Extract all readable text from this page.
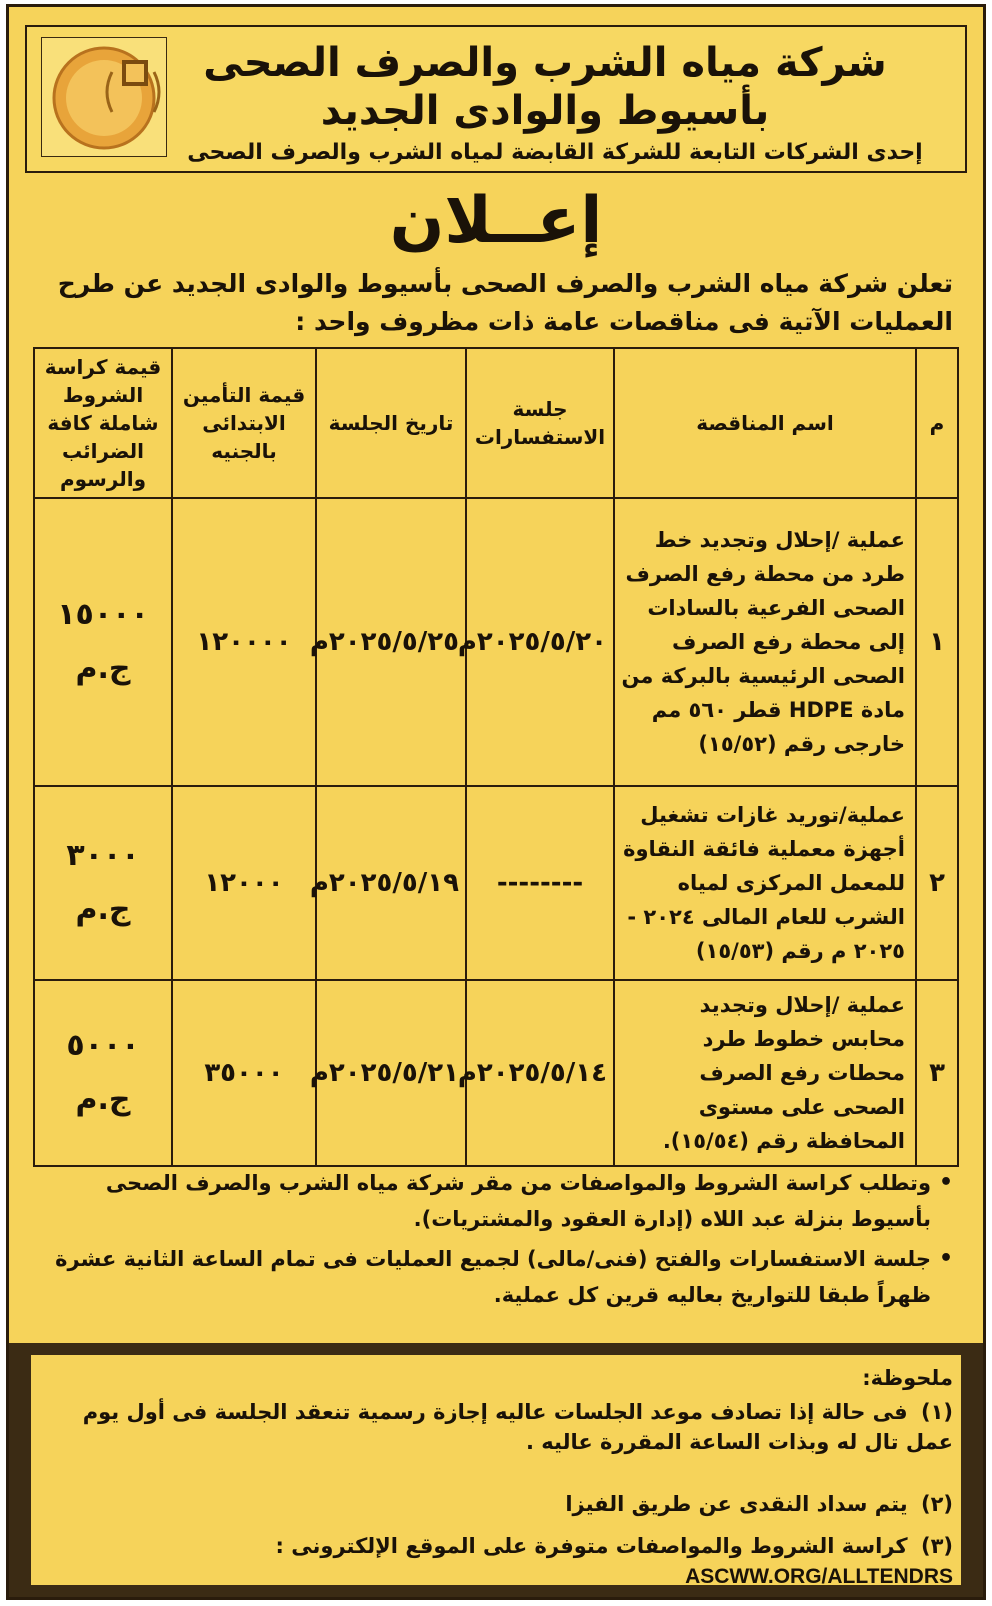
شركة مياه الشرب والصرف الصحى
بأسيوط والوادى الجديد
إحدى الشركات التابعة للشركة القابضة لمياه الشرب والصرف الصحى
إعــلان
تعلن شركة مياه الشرب والصرف الصحى بأسيوط والوادى الجديد عن طرح العمليات الآتية فى مناقصات عامة ذات مظروف واحد :
م	اسم المناقصة	جلسة الاستفسارات	تاريخ الجلسة	قيمة التأمين الابتدائى بالجنيه	قيمة كراسة الشروط شاملة كافة الضرائب والرسوم
١	عملية /إحلال وتجديد خط طرد من محطة رفع الصرف الصحى الفرعية بالسادات إلى محطة رفع الصرف الصحى الرئيسية بالبركة من مادة HDPE قطر ٥٦٠ مم خارجى رقم (١٥/٥٢)	٢٠٢٥/٥/٢٠م	٢٠٢٥/٥/٢٥م	١٢٠٠٠٠	١٥٠٠٠
ج.م

٢	عملية/توريد غازات تشغيل أجهزة معملية فائقة النقاوة للمعمل المركزى لمياه الشرب للعام المالى ٢٠٢٤ - ٢٠٢٥ م رقم (١٥/٥٣)	--------	٢٠٢٥/٥/١٩م	١٢٠٠٠	٣٠٠٠
ج.م

٣	عملية /إحلال وتجديد محابس خطوط طرد محطات رفع الصرف الصحى على مستوى المحافظة رقم (١٥/٥٤).	٢٠٢٥/٥/١٤م	٢٠٢٥/٥/٢١م	٣٥٠٠٠	٥٠٠٠
ج.م
•
وتطلب كراسة الشروط والمواصفات من مقر شركة مياه الشرب والصرف الصحى بأسيوط بنزلة عبد اللاه (إدارة العقود والمشتريات).
•
جلسة الاستفسارات والفتح (فنى/مالى) لجميع العمليات فى تمام الساعة الثانية عشرة ظهراً طبقا للتواريخ بعاليه قرين كل عملية.
ملحوظة:
(١) فى حالة إذا تصادف موعد الجلسات عاليه إجازة رسمية تنعقد الجلسة فى أول يوم عمل تال له وبذات الساعة المقررة عاليه .
(٢) يتم سداد النقدى عن طريق الفيزا
(٣) كراسة الشروط والمواصفات متوفرة على الموقع الإلكترونى : ASCWW.ORG/ALLTENDRS
